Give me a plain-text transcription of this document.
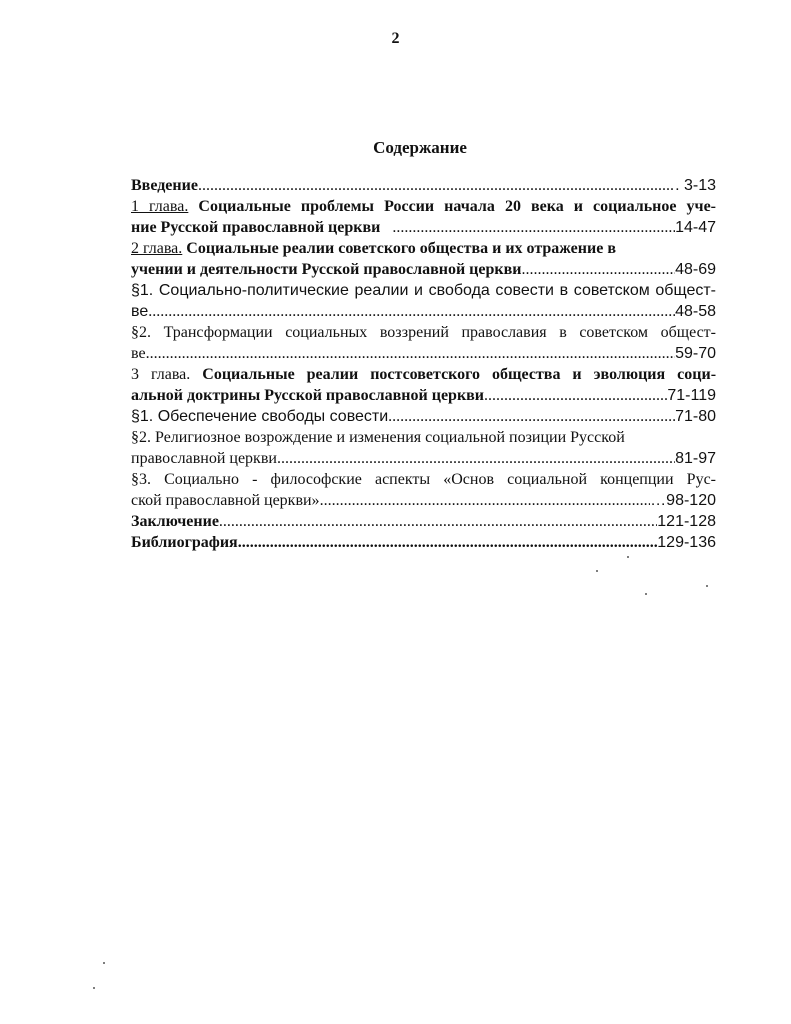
2
Содержание
Введение .....	. 3-13
1 глава. Социальные проблемы России начала 20 века и социальное уче-
ние Русской православной церкви .....	14-47
2 глава. Социальные реалии советского общества и их отражение в
учении и деятельности Русской православной церкви .....	48-69
§1. Социально-политические реалии и свобода совести в советском общест-
ве .....	48-58
§2. Трансформации социальных воззрений православия в советском общест-
ве .....	59-70
3 глава. Социальные реалии постсоветского общества и эволюция соци-
альной доктрины Русской православной церкви .....	71-119
§1. Обеспечение свободы совести .....	71-80
§2. Религиозное возрождение и изменения социальной позиции Русской
православной церкви .....	81-97
§3. Социально - философские аспекты «Основ социальной концепции Рус-
ской православной церкви» .....	…98-120
Заключение .....	121-128
Библиография .....	129-136
